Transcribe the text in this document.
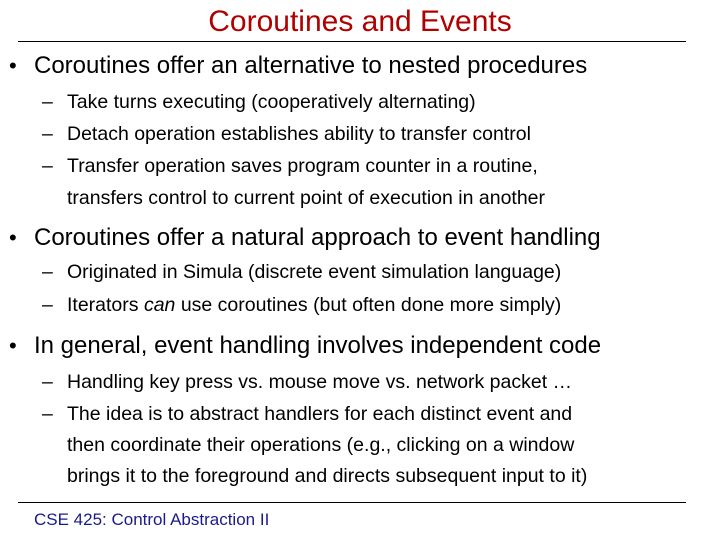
Coroutines and Events
• Coroutines offer an alternative to nested procedures
– Take turns executing (cooperatively alternating)
– Detach operation establishes ability to transfer control
– Transfer operation saves program counter in a routine,
transfers control to current point of execution in another
• Coroutines offer a natural approach to event handling
– Originated in Simula (discrete event simulation language)
– Iterators can use coroutines (but often done more simply)
• In general, event handling involves independent code
– Handling key press vs. mouse move vs. network packet …
– The idea is to abstract handlers for each distinct event and
then coordinate their operations (e.g., clicking on a window
brings it to the foreground and directs subsequent input to it)
CSE 425: Control Abstraction II
